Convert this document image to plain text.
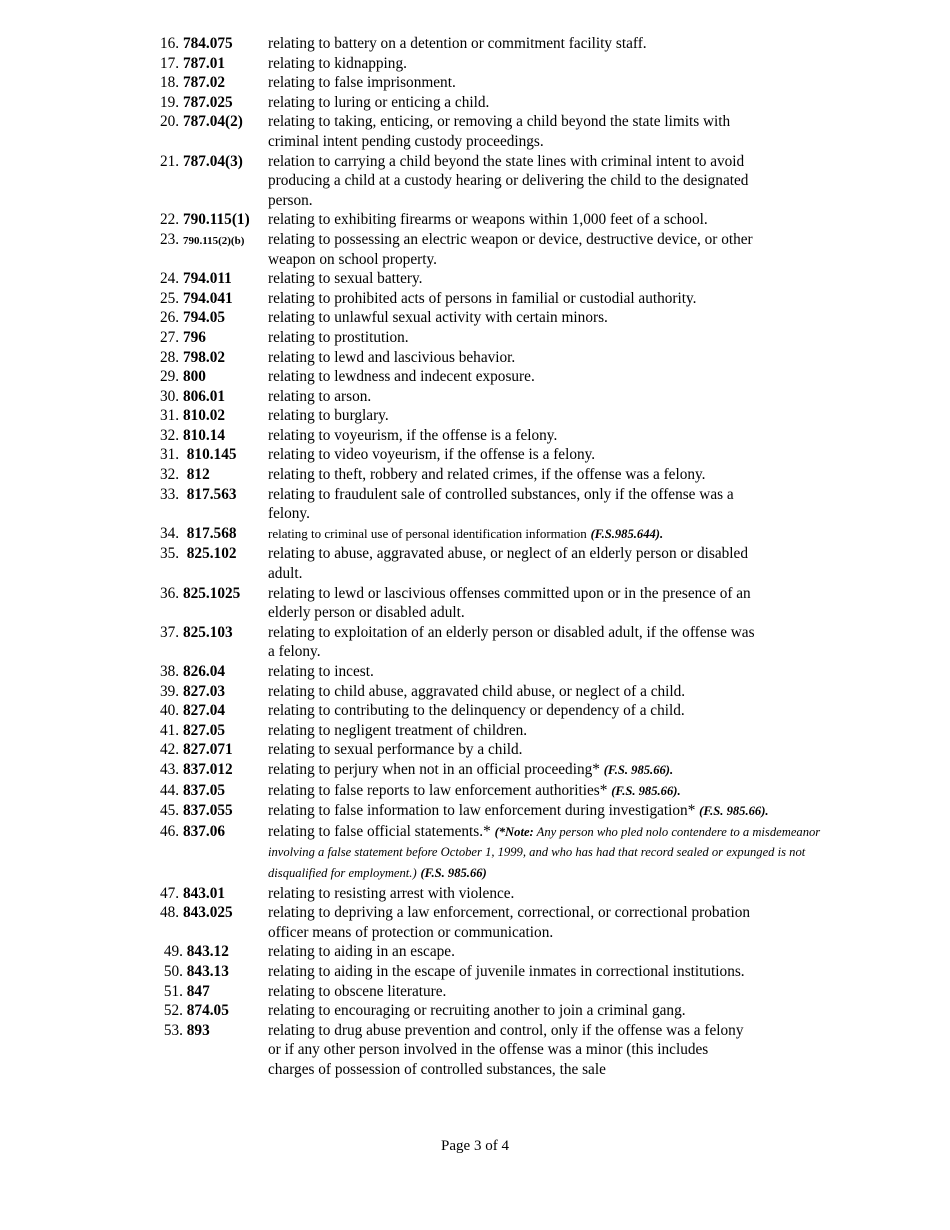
16. 784.075 relating to battery on a detention or commitment facility staff.
17. 787.01	relating to kidnapping.
18. 787.02	relating to false imprisonment.
19. 787.025 relating to luring or enticing a child.
20. 787.04(2) relating to taking, enticing, or removing a child beyond the state limits with criminal intent pending custody proceedings.
21. 787.04(3) relation to carrying a child beyond the state lines with criminal intent to avoid producing a child at a custody hearing or delivering the child to the designated person.
22. 790.115(1) relating to exhibiting firearms or weapons within 1,000 feet of a school.
23. 790.115(2)(b) relating to possessing an electric weapon or device, destructive device, or other weapon on school property.
24. 794.011 relating to sexual battery.
25. 794.041 relating to prohibited acts of persons in familial or custodial authority.
26. 794.05	relating to unlawful sexual activity with certain minors.
27. 796	relating to prostitution.
28. 798.02	relating to lewd and lascivious behavior.
29. 800	relating to lewdness and indecent exposure.
30. 806.01	relating to arson.
31. 810.02	relating to burglary.
32. 810.14	relating to voyeurism, if the offense is a felony.
31. 810.145 relating to video voyeurism, if the offense is a felony.
32. 812	relating to theft, robbery and related crimes, if the offense was a felony.
33. 817.563 relating to fraudulent sale of controlled substances, only if the offense was a felony.
34. 817.568 relating to criminal use of personal identification information (F.S.985.644).
35. 825.102 relating to abuse, aggravated abuse, or neglect of an elderly person or disabled adult.
36. 825.1025 relating to lewd or lascivious offenses committed upon or in the presence of an elderly person or disabled adult.
37. 825.103 relating to exploitation of an elderly person or disabled adult, if the offense was a felony.
38. 826.04	relating to incest.
39. 827.03	relating to child abuse, aggravated child abuse, or neglect of a child.
40. 827.04	relating to contributing to the delinquency or dependency of a child.
41. 827.05	relating to negligent treatment of children.
42. 827.071 relating to sexual performance by a child.
43. 837.012 relating to perjury when not in an official proceeding* (F.S. 985.66).
44. 837.05	relating to false reports to law enforcement authorities* (F.S. 985.66).
45. 837.055 relating to false information to law enforcement during investigation* (F.S. 985.66).
46. 837.06	relating to false official statements.* (*Note: Any person who pled nolo contendere to a misdemeanor involving a false statement before October 1, 1999, and who has had that record sealed or expunged is not disqualified for employment.) (F.S. 985.66)
47. 843.01	relating to resisting arrest with violence.
48. 843.025 relating to depriving a law enforcement, correctional, or correctional probation officer means of protection or communication.
49. 843.12	relating to aiding in an escape.
50. 843.13	relating to aiding in the escape of juvenile inmates in correctional institutions.
51. 847	relating to obscene literature.
52. 874.05	relating to encouraging or recruiting another to join a criminal gang.
53. 893	relating to drug abuse prevention and control, only if the offense was a felony or if any other person involved in the offense was a minor (this includes charges of possession of controlled substances, the sale
Page 3 of 4
